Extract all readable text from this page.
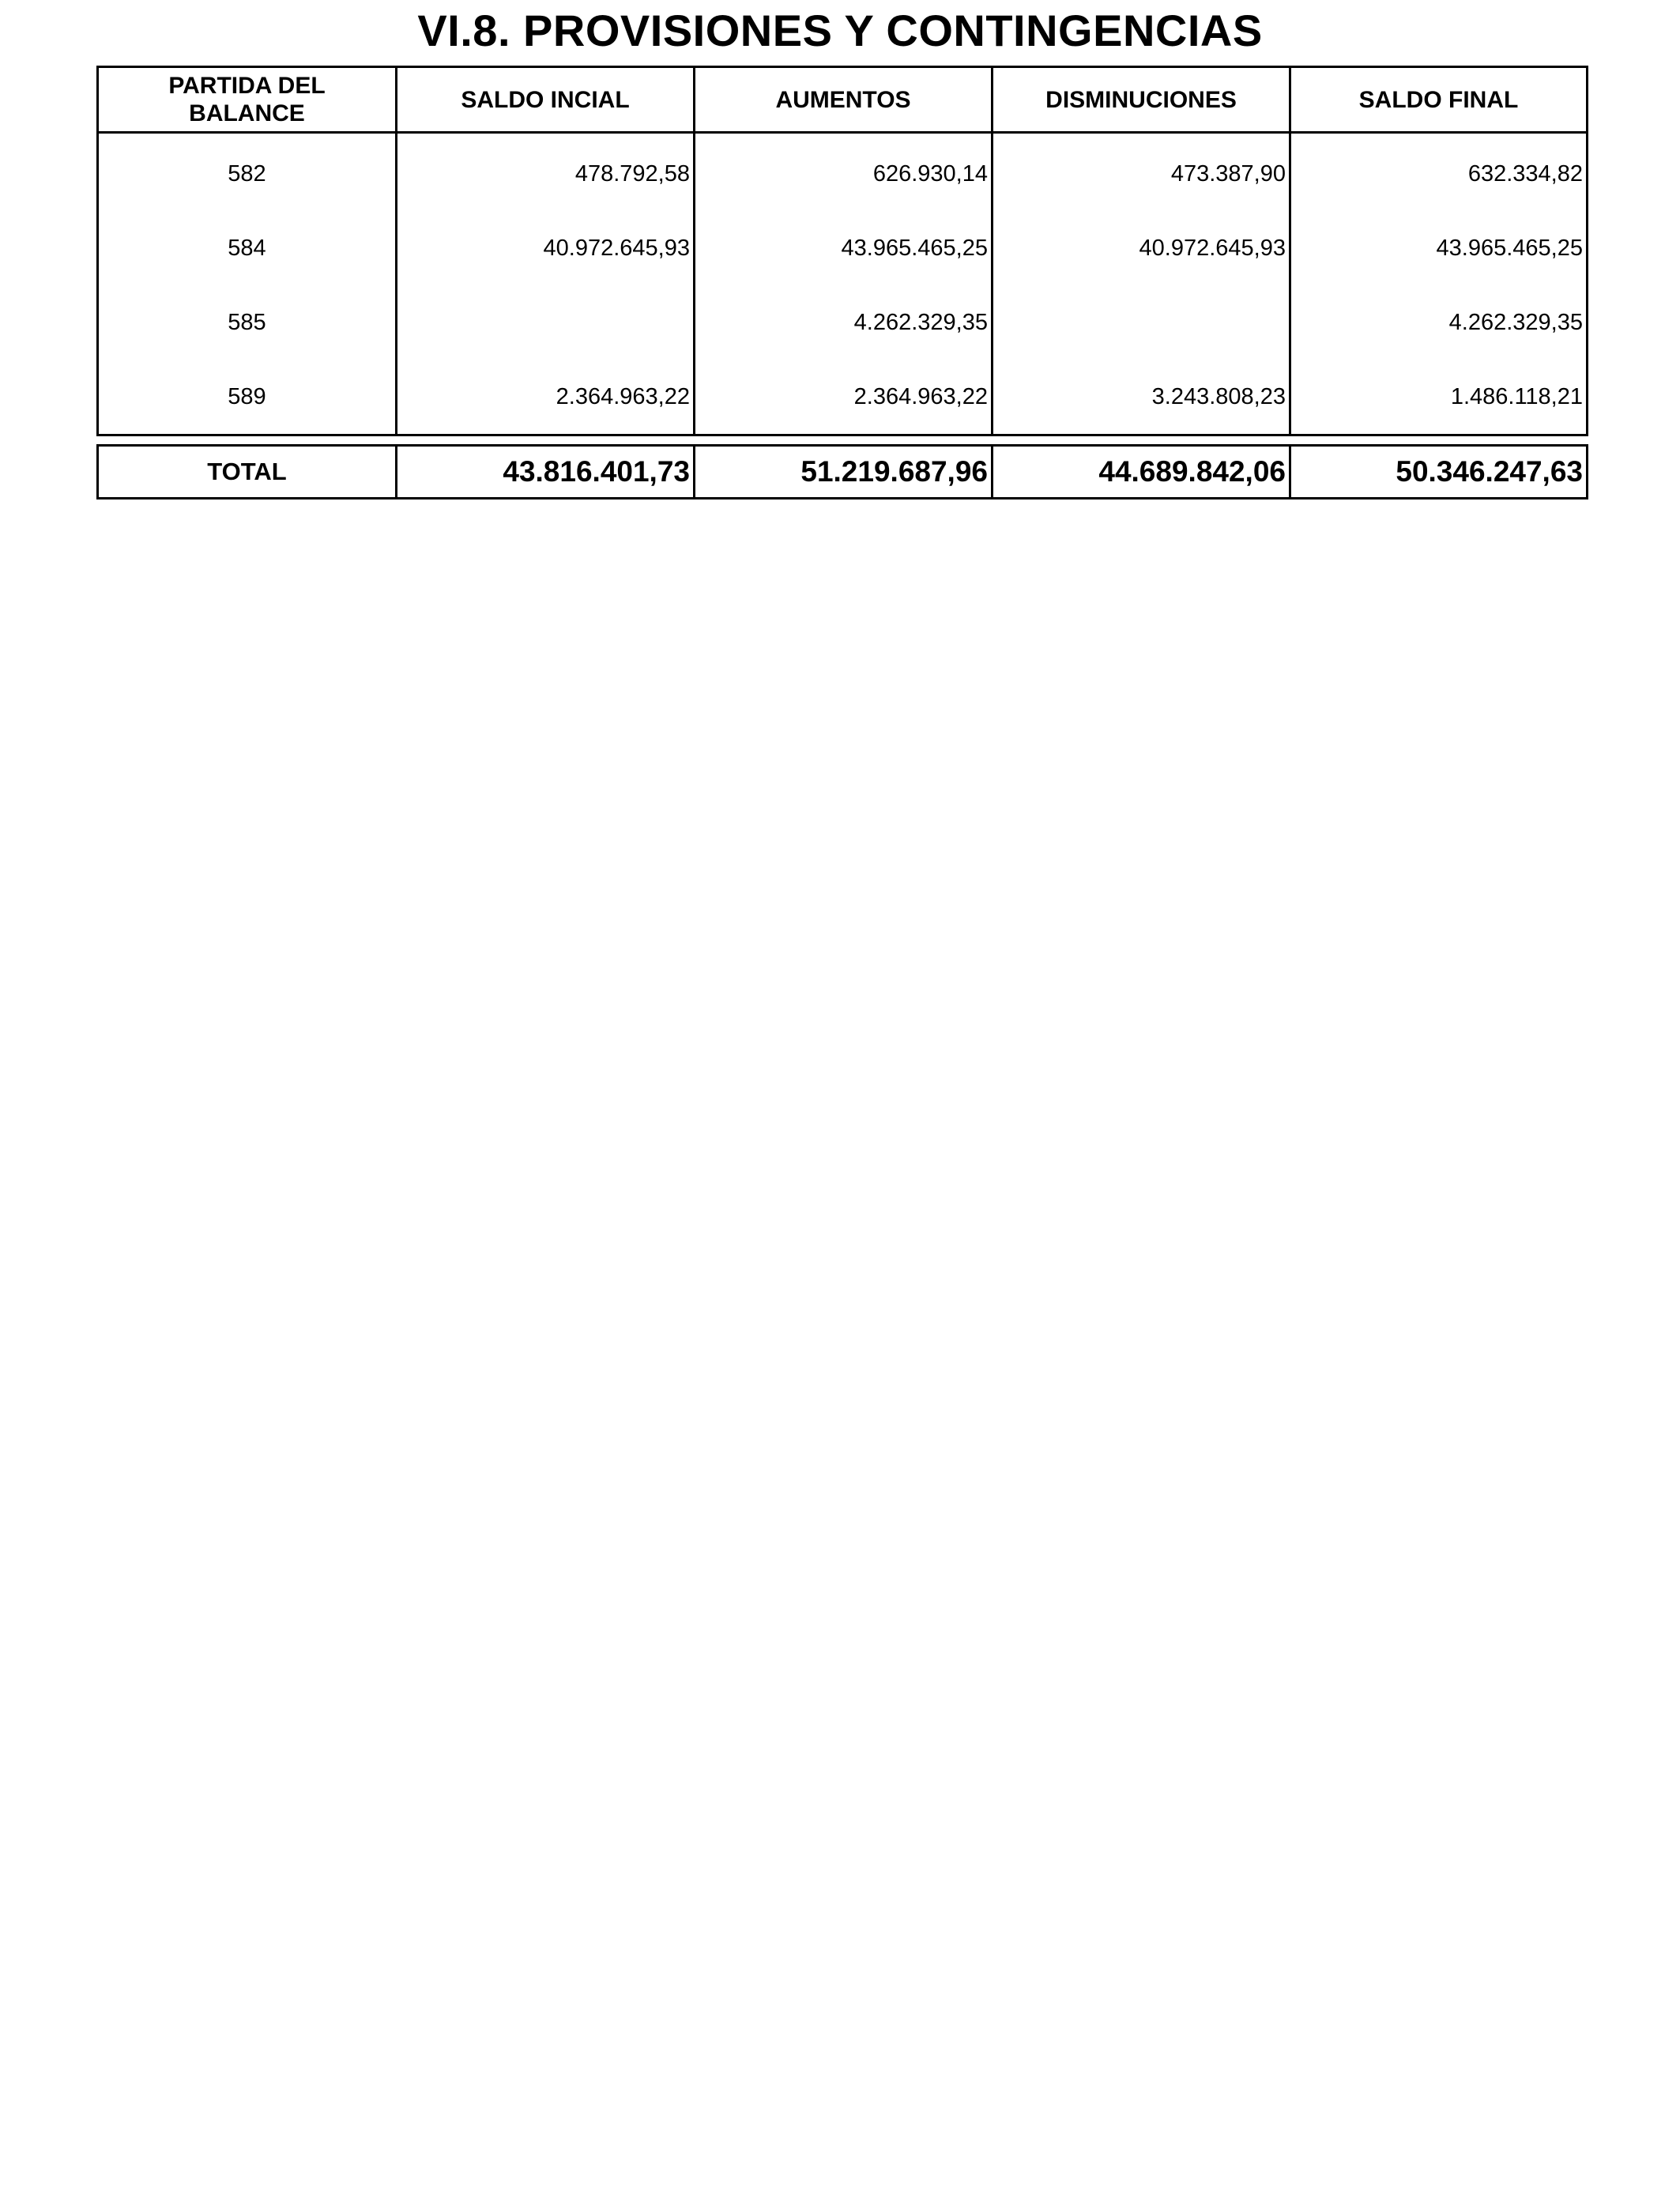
VI.8. PROVISIONES Y CONTINGENCIAS
PARTIDA DEL
BALANCE	SALDO INCIAL	AUMENTOS	DISMINUCIONES	SALDO FINAL
582	478.792,58	626.930,14	473.387,90	632.334,82
584	40.972.645,93	43.965.465,25	40.972.645,93	43.965.465,25
585		4.262.329,35		4.262.329,35
589	2.364.963,22	2.364.963,22	3.243.808,23	1.486.118,21
TOTAL	43.816.401,73	51.219.687,96	44.689.842,06	50.346.247,63
